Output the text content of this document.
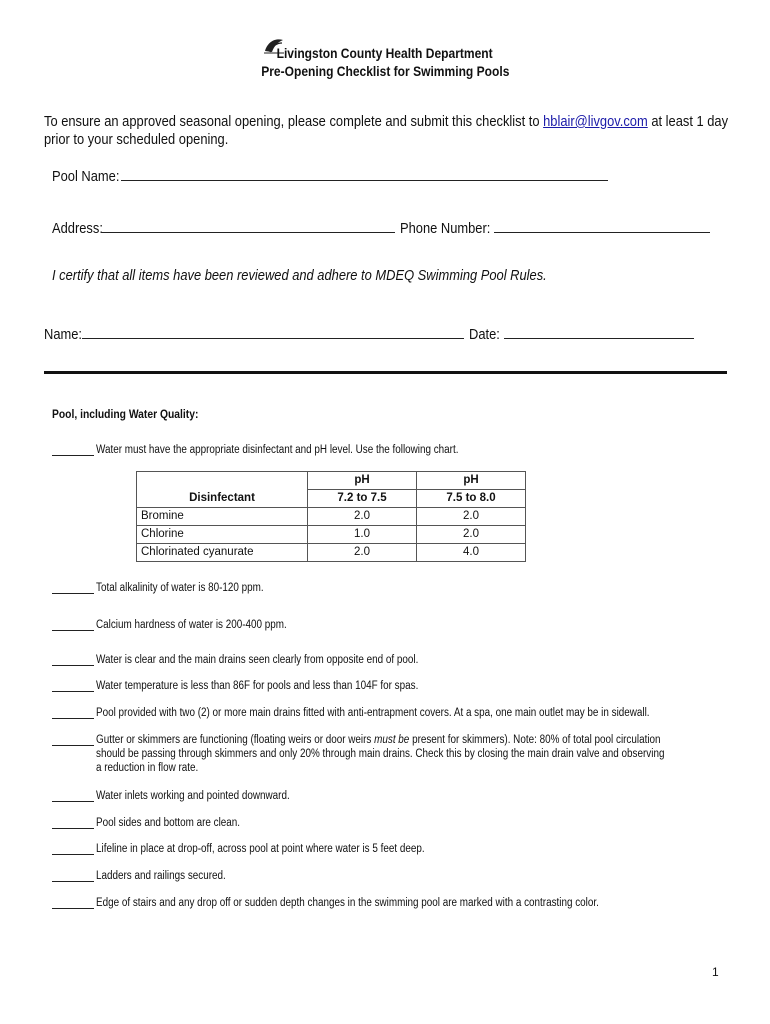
Livingston County Health Department
Pre-Opening Checklist for Swimming Pools
To ensure an approved seasonal opening, please complete and submit this checklist to hblair@livgov.com at least 1 day
prior to your scheduled opening.
Pool Name:
Address:	Phone Number:
I certify that all items have been reviewed and adhere to MDEQ Swimming Pool Rules.
Name:	Date:
Pool, including Water Quality:
Water must have the appropriate disinfectant and pH level. Use the following chart.
	pH	pH
Disinfectant	7.2 to 7.5	7.5 to 8.0
Bromine	2.0	2.0
Chlorine	1.0	2.0
Chlorinated cyanurate	2.0	4.0
Total alkalinity of water is 80-120 ppm.
Calcium hardness of water is 200-400 ppm.
Water is clear and the main drains seen clearly from opposite end of pool.
Water temperature is less than 86F for pools and less than 104F for spas.
Pool provided with two (2) or more main drains fitted with anti-entrapment covers. At a spa, one main outlet may be in sidewall.
Gutter or skimmers are functioning (floating weirs or door weirs must be present for skimmers). Note: 80% of total pool circulation
should be passing through skimmers and only 20% through main drains. Check this by closing the main drain valve and observing
a reduction in flow rate.
Water inlets working and pointed downward.
Pool sides and bottom are clean.
Lifeline in place at drop-off, across pool at point where water is 5 feet deep.
Ladders and railings secured.
Edge of stairs and any drop off or sudden depth changes in the swimming pool are marked with a contrasting color.
1
